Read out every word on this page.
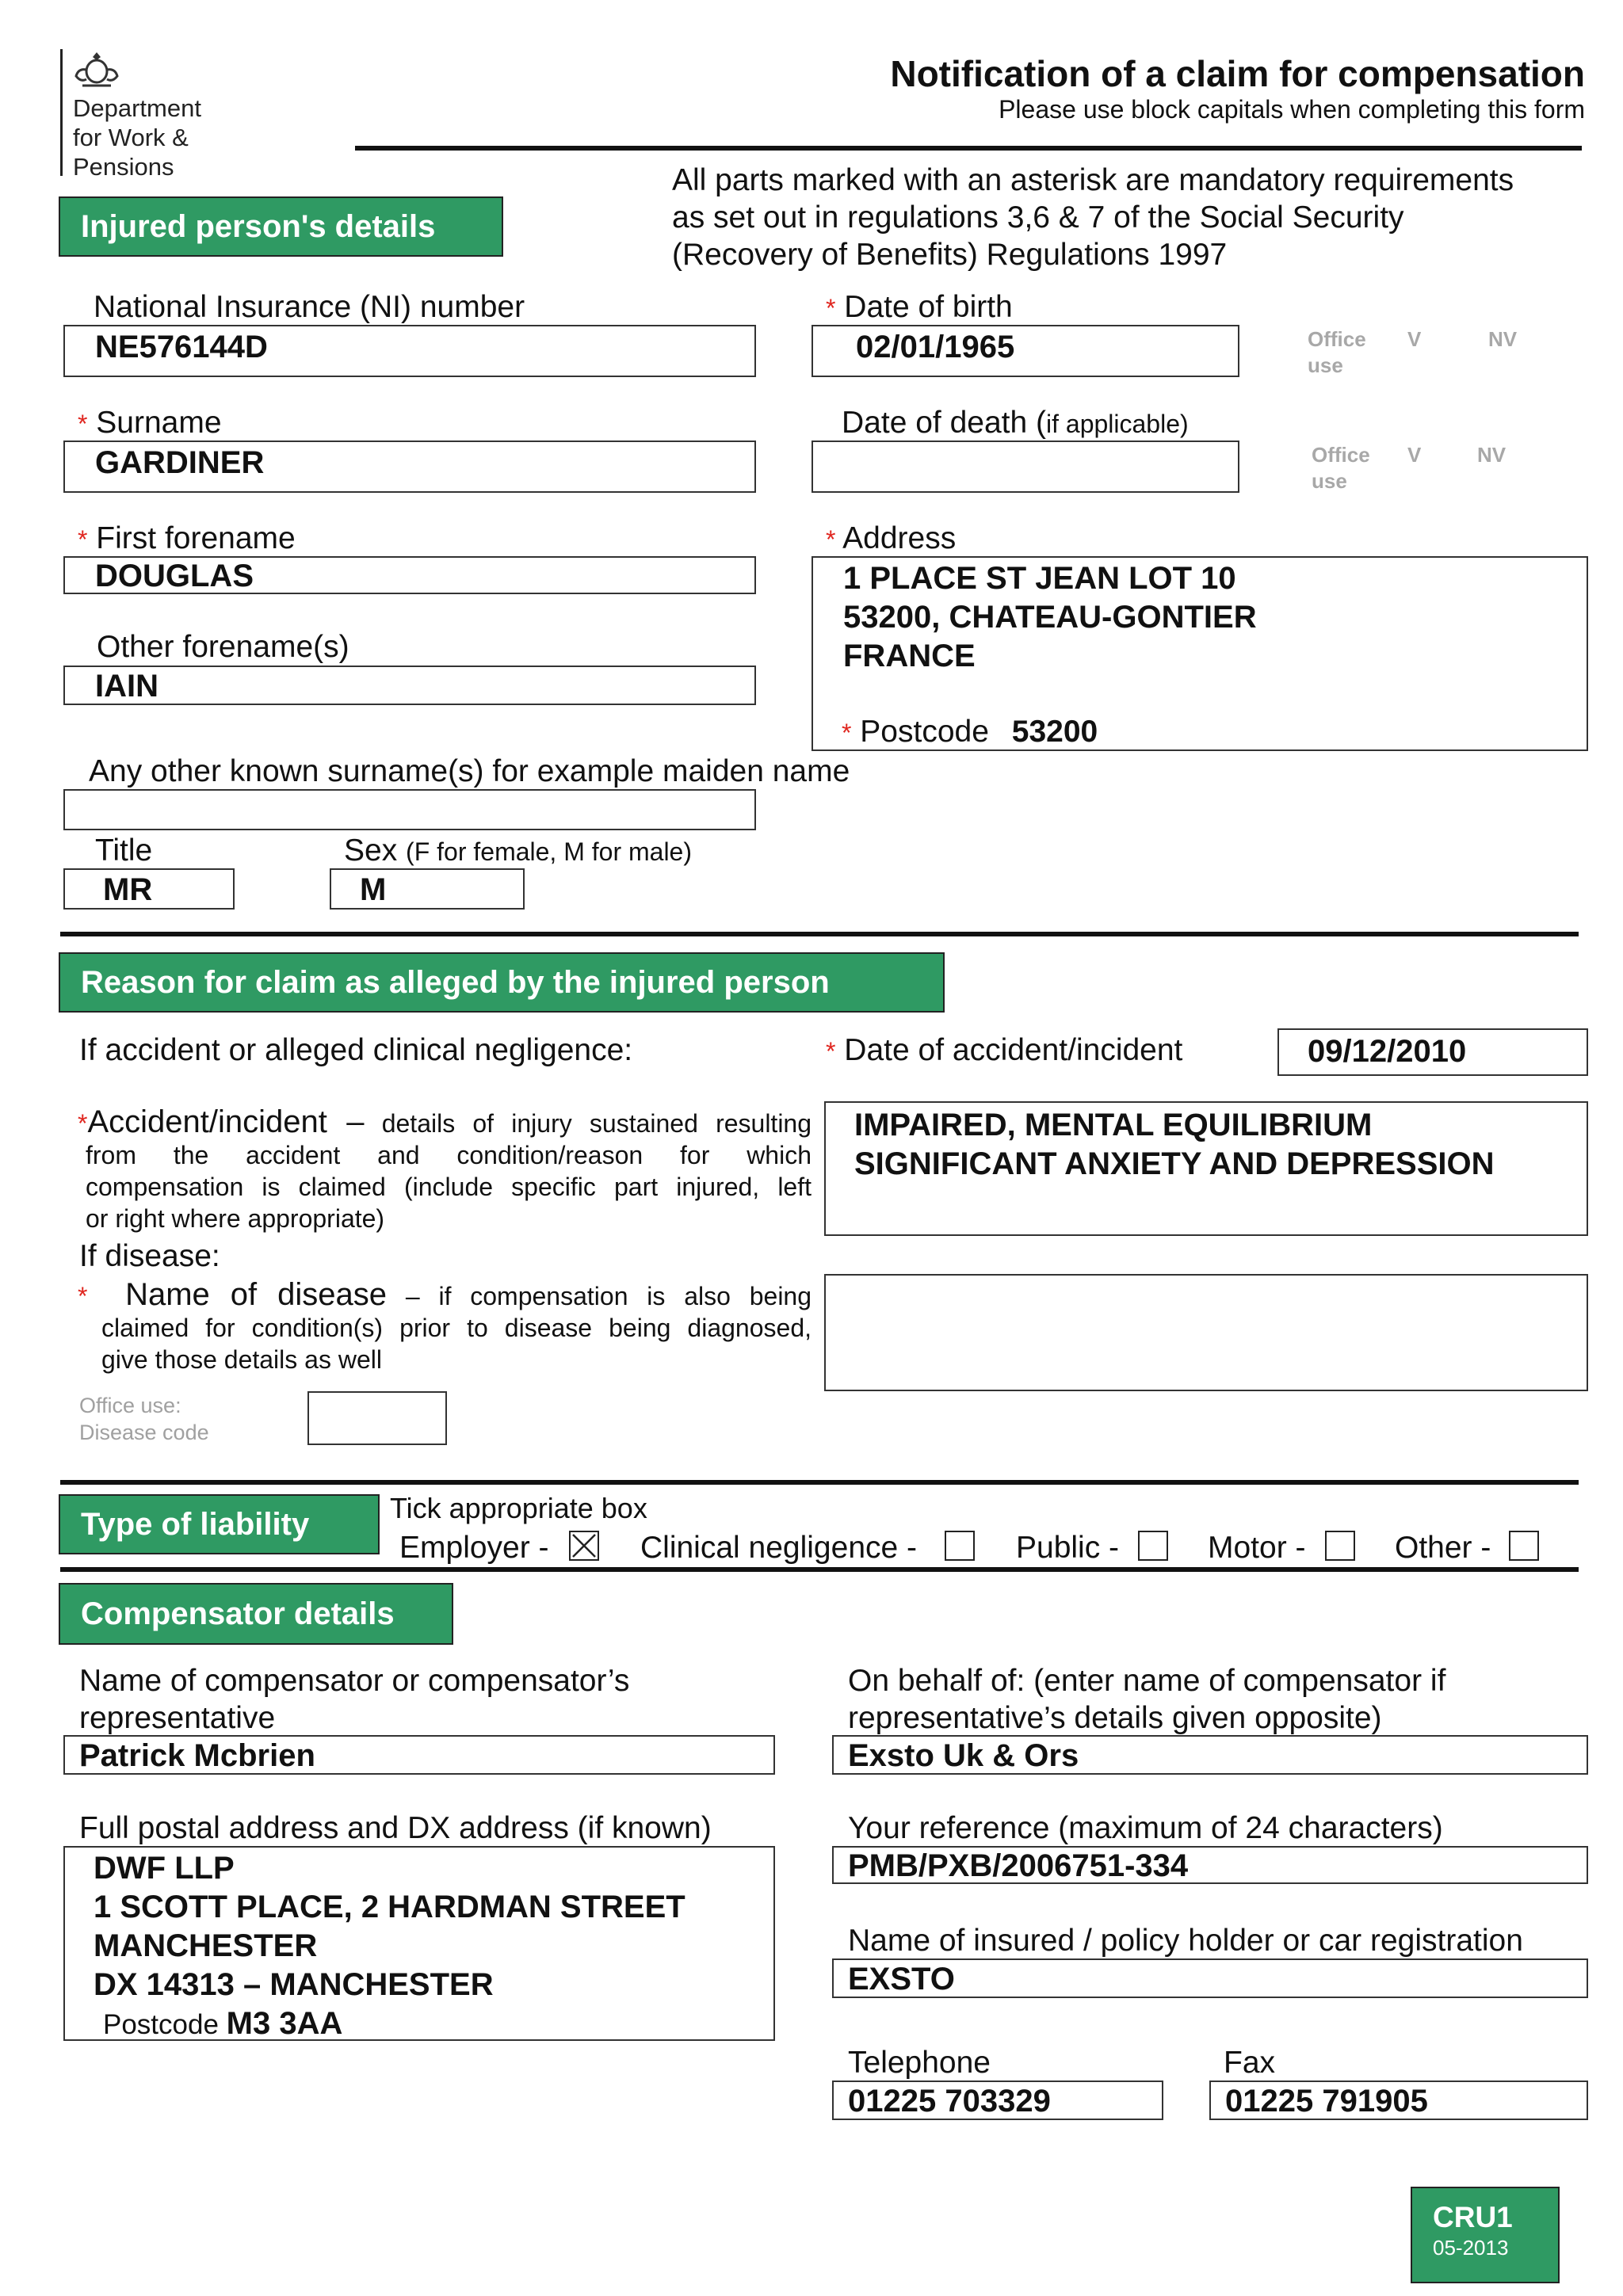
Department
for Work &
Pensions
Notification of a claim for compensation
Please use block capitals when completing this form
All parts marked with an asterisk are mandatory requirements
as set out in regulations 3,6 & 7 of the Social Security
(Recovery of Benefits) Regulations 1997
Injured person's details
National Insurance (NI) number
NE576144D
* Date of birth
02/01/1965	Office
use
V	NV
* Surname
GARDINER
Date of death (if applicable)
Office
use
V	NV
* First forename
DOUGLAS
* Address
1 PLACE ST JEAN LOT 10
53200, CHATEAU-GONTIER
FRANCE
* Postcode 53200
Other forename(s)
IAIN
Any other known surname(s) for example maiden name
Title
MR
Sex (F for female, M for male)
M
Reason for claim as alleged by the injured person
If accident or alleged clinical negligence:	* Date of accident/incident	09/12/2010
*Accident/incident – details of injury sustained resulting
from the accident and condition/reason for which
compensation is claimed (include specific part injured, left
or right where appropriate)
IMPAIRED, MENTAL EQUILIBRIUM
SIGNIFICANT ANXIETY AND DEPRESSION
If disease:
* Name of disease – if compensation is also being
claimed for condition(s) prior to disease being diagnosed,
give those details as well
Office use:
Disease code
Type of liability	Tick appropriate box
Employer -	Clinical negligence -	Public -	Motor -	Other -
Compensator details
Name of compensator or compensator’s
representative
Patrick Mcbrien
On behalf of: (enter name of compensator if
representative’s details given opposite)
Exsto Uk & Ors
Full postal address and DX address (if known)
DWF LLP
1 SCOTT PLACE, 2 HARDMAN STREET
MANCHESTER
DX 14313 – MANCHESTER
Postcode M3 3AA
Your reference (maximum of 24 characters)
PMB/PXB/2006751-334
Name of insured / policy holder or car registration
EXSTO
Telephone
01225 703329
Fax
01225 791905
CRU1
05-2013
